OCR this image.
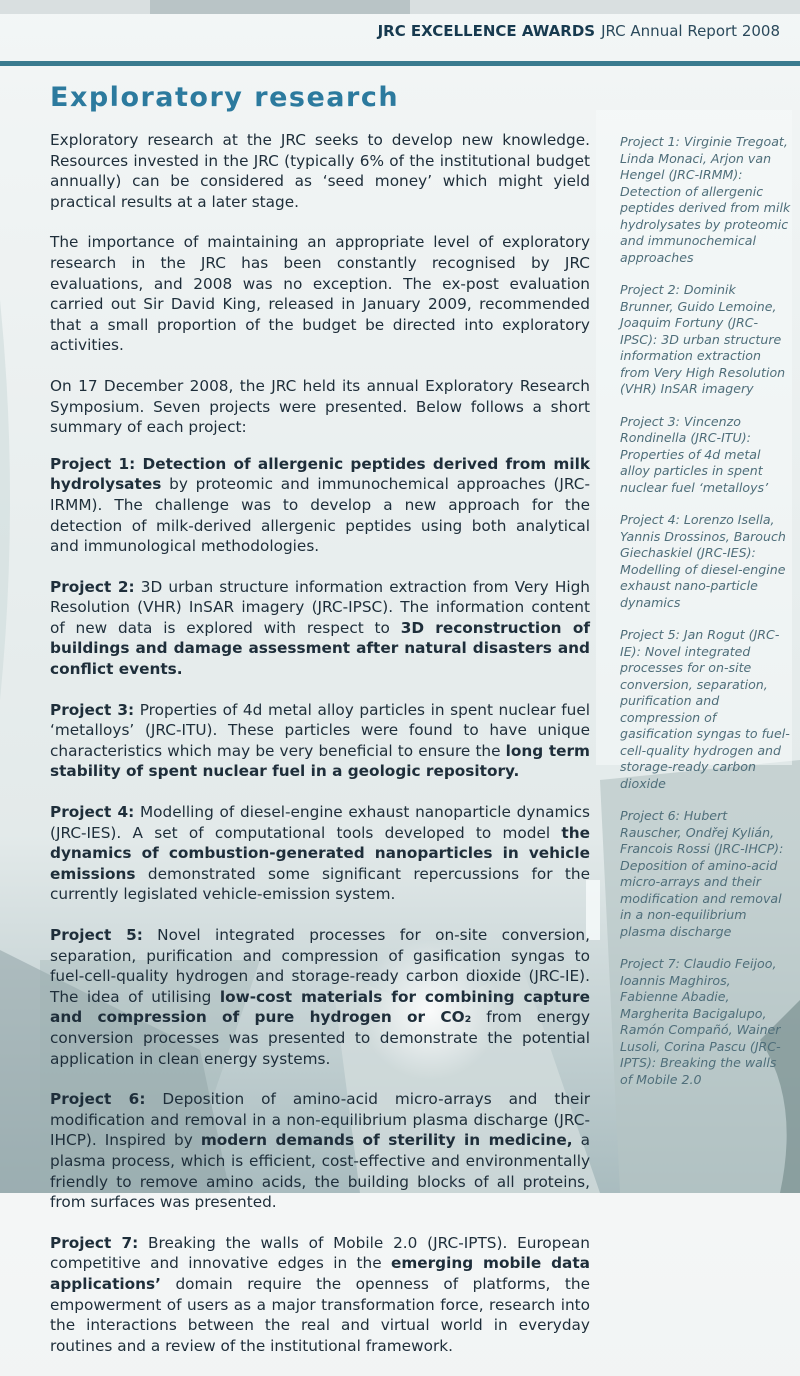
JRC EXCELLENCE AWARDS JRC Annual Report 2008
Exploratory research

Exploratory research at the JRC seeks to develop new knowledge. Resources invested in the JRC (typically 6% of the institutional budget annually) can be considered as ‘seed money’ which might yield practical results at a later stage.

The importance of maintaining an appropriate level of exploratory research in the JRC has been constantly recognised by JRC evaluations, and 2008 was no exception. The ex-post evaluation carried out Sir David King, released in January 2009, recommended that a small proportion of the budget be directed into exploratory activities.

On 17 December 2008, the JRC held its annual Exploratory Research Symposium. Seven projects were presented. Below follows a short summary of each project:

Project 1: Detection of allergenic peptides derived from milk hydrolysates by proteomic and immunochemical approaches (JRC-IRMM). The challenge was to develop a new approach for the detection of milk-derived allergenic peptides using both analytical and immunological methodologies.

Project 2: 3D urban structure information extraction from Very High Resolution (VHR) InSAR imagery (JRC-IPSC). The information content of new data is explored with respect to 3D reconstruction of buildings and damage assessment after natural disasters and conflict events.

Project 3: Properties of 4d metal alloy particles in spent nuclear fuel ‘metalloys’ (JRC-ITU). These particles were found to have unique characteristics which may be very beneficial to ensure the long term stability of spent nuclear fuel in a geologic repository.

Project 4: Modelling of diesel-engine exhaust nanoparticle dynamics (JRC-IES). A set of computational tools developed to model the dynamics of combustion-generated nanoparticles in vehicle emissions demonstrated some significant repercussions for the currently legislated vehicle-emission system.

Project 5: Novel integrated processes for on-site conversion, separation, purification and compression of gasification syngas to fuel-cell-quality hydrogen and storage-ready carbon dioxide (JRC-IE). The idea of utilising low-cost materials for combining capture and compression of pure hydrogen or CO₂ from energy conversion processes was presented to demonstrate the potential application in clean energy systems.

Project 6: Deposition of amino-acid micro-arrays and their modification and removal in a non-equilibrium plasma discharge (JRC-IHCP). Inspired by modern demands of sterility in medicine, a plasma process, which is efficient, cost-effective and environmentally friendly to remove amino acids, the building blocks of all proteins, from surfaces was presented.

Project 7: Breaking the walls of Mobile 2.0 (JRC-IPTS). European competitive and innovative edges in the emerging mobile data applications’ domain require the openness of platforms, the empowerment of users as a major transformation force, research into the interactions between the real and virtual world in everyday routines and a review of the institutional framework.

Project 1: Virginie Tregoat, Linda Monaci, Arjon van Hengel (JRC-IRMM): Detection of allergenic peptides derived from milk hydrolysates by proteomic and immunochemical approaches

Project 2: Dominik Brunner, Guido Lemoine, Joaquim Fortuny (JRC-IPSC): 3D urban structure information extraction from Very High Resolution (VHR) InSAR imagery

Project 3: Vincenzo Rondinella (JRC-ITU): Properties of 4d metal alloy particles in spent nuclear fuel ‘metalloys’

Project 4: Lorenzo Isella, Yannis Drossinos, Barouch Giechaskiel (JRC-IES): Modelling of diesel-engine exhaust nano-particle dynamics

Project 5: Jan Rogut (JRC-IE): Novel integrated processes for on-site conversion, separation, purification and compression of gasification syngas to fuel-cell-quality hydrogen and storage-ready carbon dioxide

Project 6: Hubert Rauscher, Ondřej Kylián, Francois Rossi (JRC-IHCP): Deposition of amino-acid micro-arrays and their modification and removal in a non-equilibrium plasma discharge

Project 7: Claudio Feijoo, Ioannis Maghiros, Fabienne Abadie, Margherita Bacigalupo, Ramón Compañó, Wainer Lusoli, Corina Pascu (JRC-IPTS): Breaking the walls of Mobile 2.0
